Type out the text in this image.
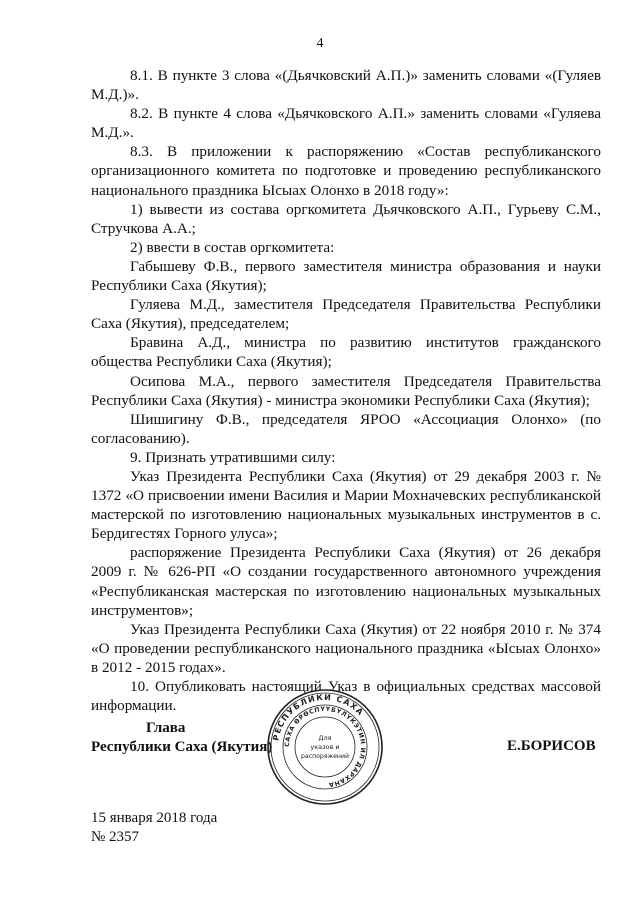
4

8.1. В пункте 3 слова «(Дьячковский А.П.)» заменить словами «(Гуляев М.Д.)».

8.2. В пункте 4 слова «Дьячковского А.П.» заменить словами «Гуляева М.Д.».

8.3. В приложении к распоряжению «Состав республиканского организационного комитета по подготовке и проведению республиканского национального праздника Ысыах Олонхо в 2018 году»:

1) вывести из состава оргкомитета Дьячковского А.П., Гурьеву С.М., Стручкова А.А.;

2) ввести в состав оргкомитета:

Габышеву Ф.В., первого заместителя министра образования и науки Республики Саха (Якутия);

Гуляева М.Д., заместителя Председателя Правительства Республики Саха (Якутия), председателем;

Бравина А.Д., министра по развитию институтов гражданского общества Республики Саха (Якутия);

Осипова М.А., первого заместителя Председателя Правительства Республики Саха (Якутия) - министра экономики Республики Саха (Якутия);

Шишигину Ф.В., председателя ЯРОО «Ассоциация Олонхо» (по согласованию).

9. Признать утратившими силу:

Указ Президента Республики Саха (Якутия) от 29 декабря 2003 г. № 1372 «О присвоении имени Василия и Марии Мохначевских республиканской мастерской по изготовлению национальных музыкальных инструментов в с. Бердигестях Горного улуса»;

распоряжение Президента Республики Саха (Якутия) от 26 декабря 2009 г. № 626-РП «О создании государственного автономного учреждения «Республиканская мастерская по изготовлению национальных музыкальных инструментов»;

Указ Президента Республики Саха (Якутия) от 22 ноября 2010 г. № 374 «О проведении республиканского национального праздника «Ысыах Олонхо» в 2012 - 2015 годах».

10. Опубликовать настоящий Указ в официальных средствах массовой информации.

Глава
Республики Саха (Якутия)
РЕСПУБЛИКИ САХА
САХА ӨРӨСПҮҮБҮЛҮКЭТИН ИЛ ДАРХАНА
Для
указов и
распоряжений
Е.БОРИСОВ
15 января 2018 года
№ 2357
